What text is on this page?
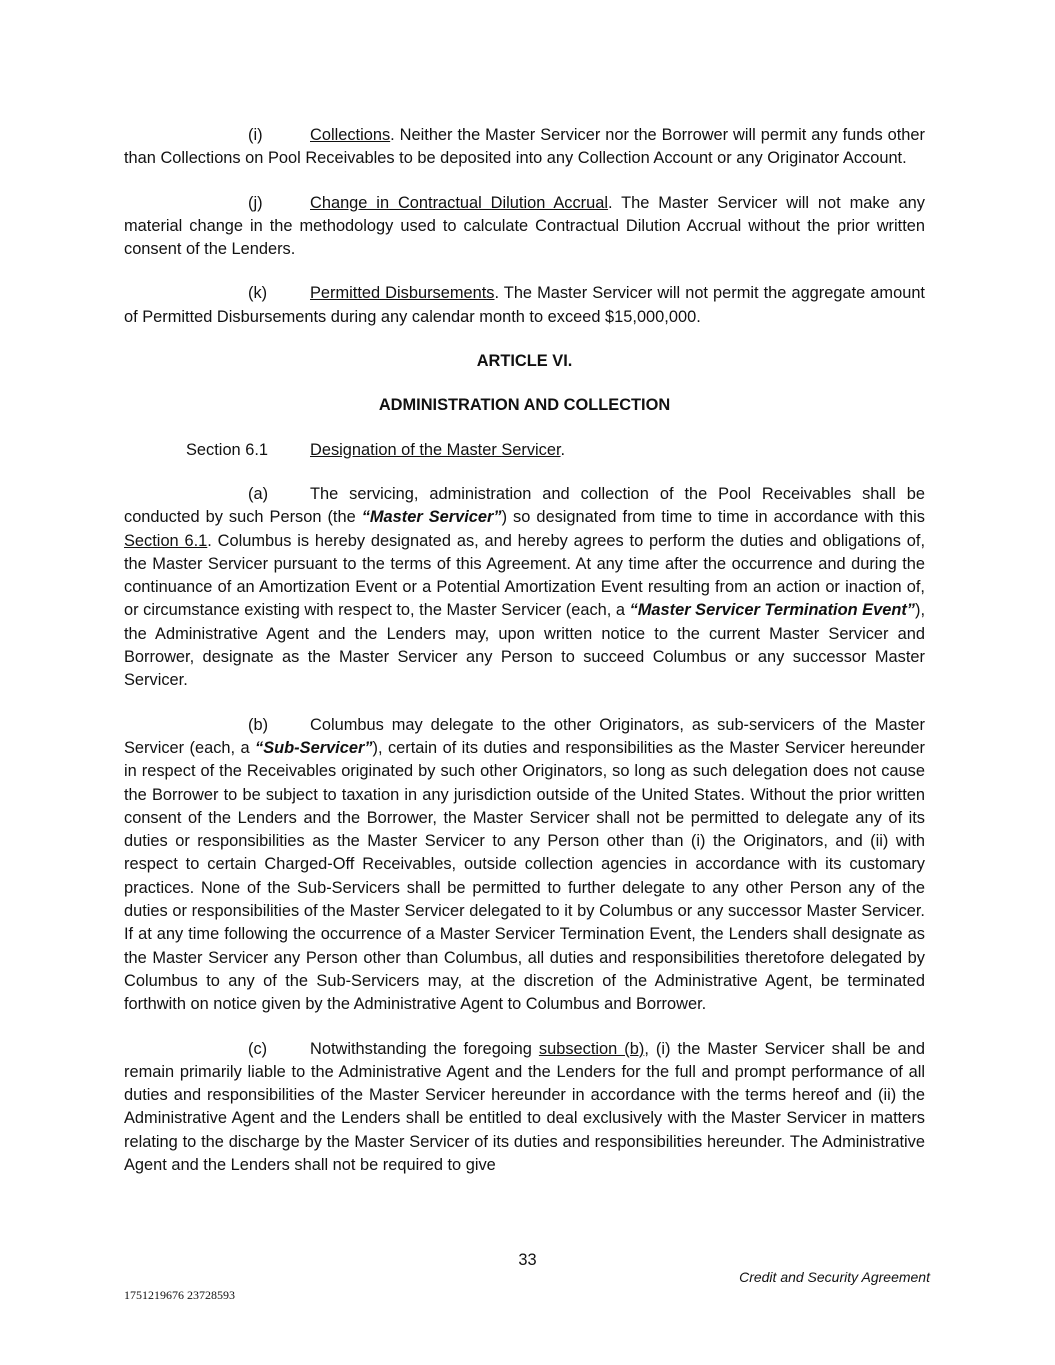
(i)	Collections. Neither the Master Servicer nor the Borrower will permit any funds other than Collections on Pool Receivables to be deposited into any Collection Account or any Originator Account.

(j)	Change in Contractual Dilution Accrual. The Master Servicer will not make any material change in the methodology used to calculate Contractual Dilution Accrual without the prior written consent of the Lenders.

(k)	Permitted Disbursements. The Master Servicer will not permit the aggregate amount of Permitted Disbursements during any calendar month to exceed $15,000,000.

ARTICLE VI.
ADMINISTRATION AND COLLECTION
Section 6.1	Designation of the Master Servicer.

(a)	The servicing, administration and collection of the Pool Receivables shall be conducted by such Person (the “Master Servicer”) so designated from time to time in accordance with this Section 6.1. Columbus is hereby designated as, and hereby agrees to perform the duties and obligations of, the Master Servicer pursuant to the terms of this Agreement. At any time after the occurrence and during the continuance of an Amortization Event or a Potential Amortization Event resulting from an action or inaction of, or circumstance existing with respect to, the Master Servicer (each, a “Master Servicer Termination Event”), the Administrative Agent and the Lenders may, upon written notice to the current Master Servicer and Borrower, designate as the Master Servicer any Person to succeed Columbus or any successor Master Servicer.

(b)	Columbus may delegate to the other Originators, as sub-servicers of the Master Servicer (each, a “Sub-Servicer”), certain of its duties and responsibilities as the Master Servicer hereunder in respect of the Receivables originated by such other Originators, so long as such delegation does not cause the Borrower to be subject to taxation in any jurisdiction outside of the United States. Without the prior written consent of the Lenders and the Borrower, the Master Servicer shall not be permitted to delegate any of its duties or responsibilities as the Master Servicer to any Person other than (i) the Originators, and (ii) with respect to certain Charged-Off Receivables, outside collection agencies in accordance with its customary practices. None of the Sub-Servicers shall be permitted to further delegate to any other Person any of the duties or responsibilities of the Master Servicer delegated to it by Columbus or any successor Master Servicer. If at any time following the occurrence of a Master Servicer Termination Event, the Lenders shall designate as the Master Servicer any Person other than Columbus, all duties and responsibilities theretofore delegated by Columbus to any of the Sub-Servicers may, at the discretion of the Administrative Agent, be terminated forthwith on notice given by the Administrative Agent to Columbus and Borrower.

(c)	Notwithstanding the foregoing subsection (b), (i) the Master Servicer shall be and remain primarily liable to the Administrative Agent and the Lenders for the full and prompt performance of all duties and responsibilities of the Master Servicer hereunder in accordance with the terms hereof and (ii) the Administrative Agent and the Lenders shall be entitled to deal exclusively with the Master Servicer in matters relating to the discharge by the Master Servicer of its duties and responsibilities hereunder. The Administrative Agent and the Lenders shall not be required to give

33
Credit and Security Agreement
1751219676 23728593
